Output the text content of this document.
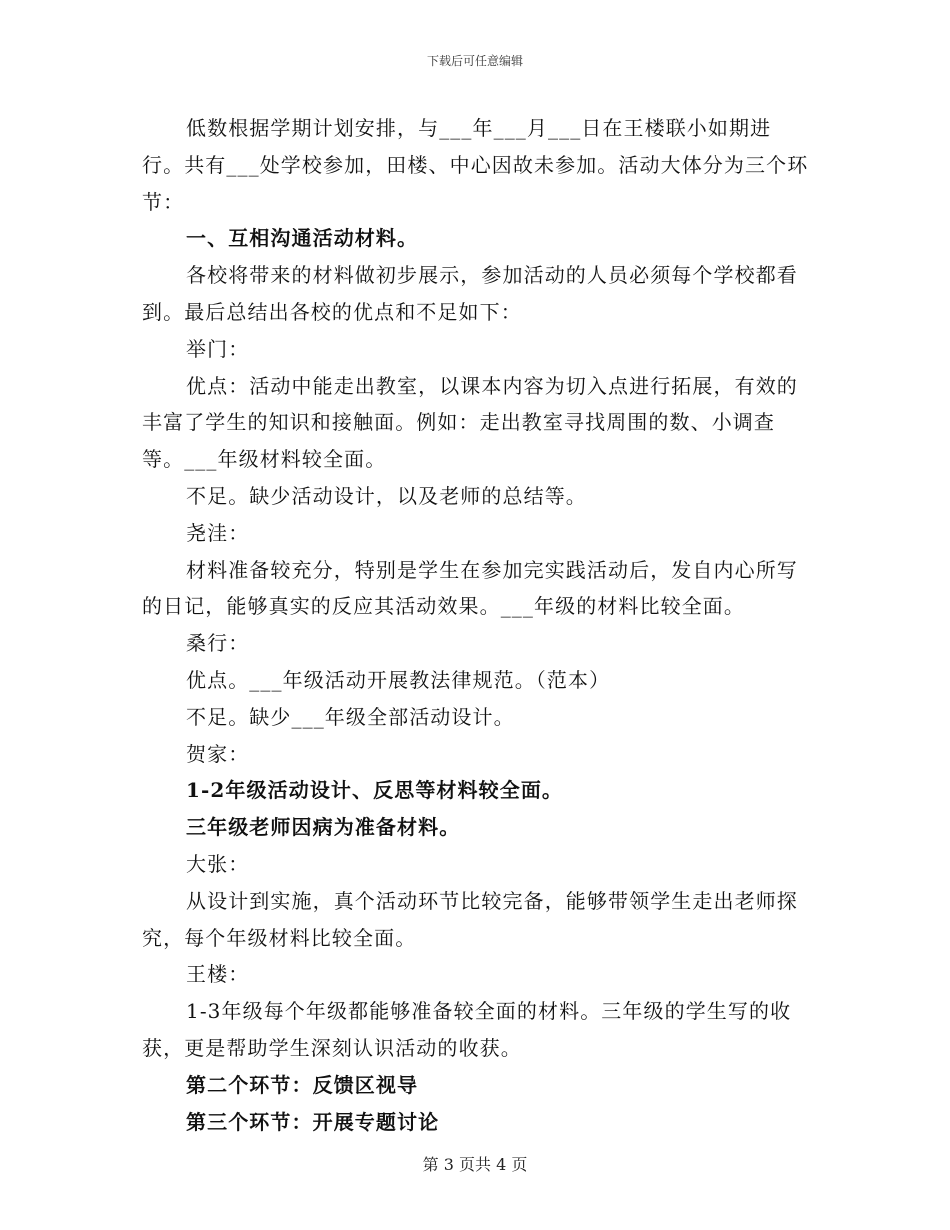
下载后可任意编辑

低数根据学期计划安排，与___年___月___日在王楼联小如期进行。共有___处学校参加，田楼、中心因故未参加。活动大体分为三个环节：

一、互相沟通活动材料。

各校将带来的材料做初步展示，参加活动的人员必须每个学校都看到。最后总结出各校的优点和不足如下：

举门：

优点：活动中能走出教室，以课本内容为切入点进行拓展，有效的丰富了学生的知识和接触面。例如：走出教室寻找周围的数、小调查等。___年级材料较全面。

不足。缺少活动设计，以及老师的总结等。

尧洼：

材料准备较充分，特别是学生在参加完实践活动后，发自内心所写的日记，能够真实的反应其活动效果。___年级的材料比较全面。

桑行：

优点。___年级活动开展教法律规范。（范本）

不足。缺少___年级全部活动设计。

贺家：

1-2年级活动设计、反思等材料较全面。

三年级老师因病为准备材料。

大张：

从设计到实施，真个活动环节比较完备，能够带领学生走出老师探究，每个年级材料比较全面。

王楼：

1-3年级每个年级都能够准备较全面的材料。三年级的学生写的收获，更是帮助学生深刻认识活动的收获。

第二个环节：反馈区视导

第三个环节：开展专题讨论

第 3 页共 4 页
